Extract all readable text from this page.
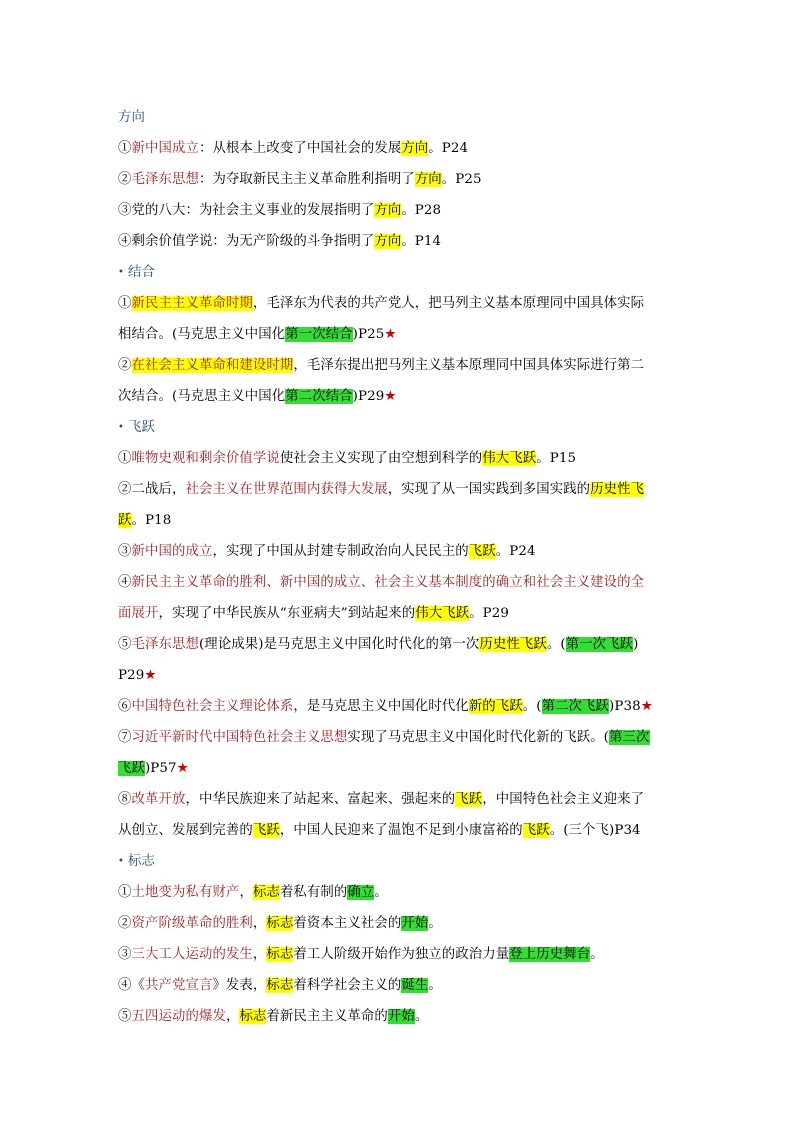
方向
①新中国成立：从根本上改变了中国社会的发展方向。P24
②毛泽东思想：为夺取新民主主义革命胜利指明了方向。P25
③党的八大：为社会主义事业的发展指明了方向。P28
④剩余价值学说：为无产阶级的斗争指明了方向。P14
• 结合
①新民主主义革命时期，毛泽东为代表的共产党人，把马列主义基本原理同中国具体实际
相结合。(马克思主义中国化第一次结合)P25★
②在社会主义革命和建设时期，毛泽东提出把马列主义基本原理同中国具体实际进行第二
次结合。(马克思主义中国化第二次结合)P29★
• 飞跃
①唯物史观和剩余价值学说使社会主义实现了由空想到科学的伟大飞跃。P15
②二战后，社会主义在世界范围内获得大发展，实现了从一国实践到多国实践的历史性飞
跃。P18
③新中国的成立，实现了中国从封建专制政治向人民民主的飞跃。P24
④新民主主义革命的胜利、新中国的成立、社会主义基本制度的确立和社会主义建设的全
面展开，实现了中华民族从“东亚病夫”到站起来的伟大飞跃。P29
⑤毛泽东思想(理论成果)是马克思主义中国化时代化的第一次历史性飞跃。(第一次飞跃)
P29★
⑥中国特色社会主义理论体系，是马克思主义中国化时代化新的飞跃。(第二次飞跃)P38★
⑦习近平新时代中国特色社会主义思想实现了马克思主义中国化时代化新的飞跃。(第三次
飞跃)P57★
⑧改革开放，中华民族迎来了站起来、富起来、强起来的飞跃，中国特色社会主义迎来了
从创立、发展到完善的飞跃，中国人民迎来了温饱不足到小康富裕的飞跃。(三个飞)P34
• 标志
①土地变为私有财产，标志着私有制的确立。
②资产阶级革命的胜利，标志着资本主义社会的开始。
③三大工人运动的发生，标志着工人阶级开始作为独立的政治力量登上历史舞台。
④《共产党宣言》发表，标志着科学社会主义的诞生。
⑤五四运动的爆发，标志着新民主主义革命的开始。
